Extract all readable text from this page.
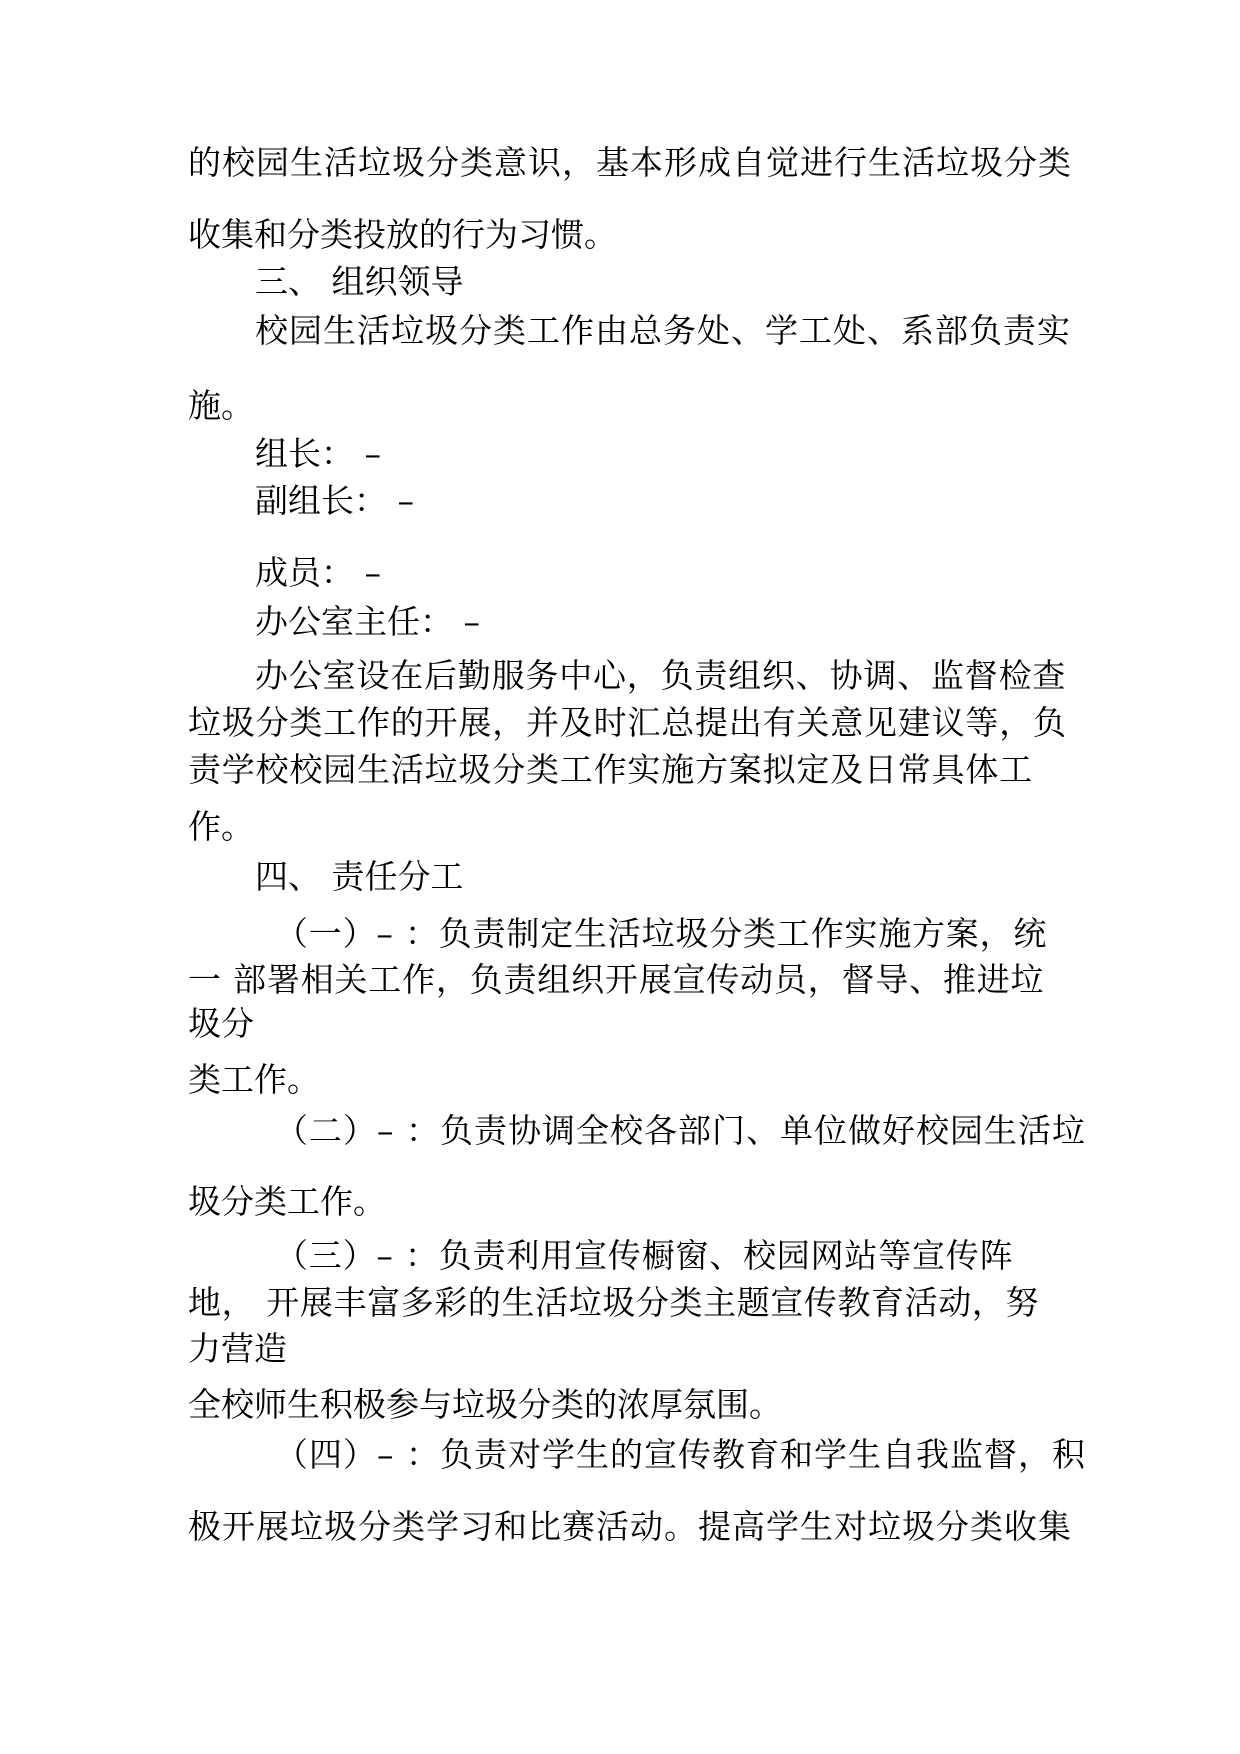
的校园生活垃圾分类意识，基本形成自觉进行生活垃圾分类
收集和分类投放的行为习惯。
三、 组织领导
校园生活垃圾分类工作由总务处、学工处、系部负责实
施。
组长： –
副组长： –
成员： –
办公室主任： –
办公室设在后勤服务中心，负责组织、协调、监督检查
垃圾分类工作的开展，并及时汇总提出有关意见建议等，负
责学校校园生活垃圾分类工作实施方案拟定及日常具体工
作。
四、 责任分工
（一）– ：负责制定生活垃圾分类工作实施方案，统
一 部署相关工作，负责组织开展宣传动员，督导、推进垃
圾分
类工作。
（二）– ：负责协调全校各部门、单位做好校园生活垃
圾分类工作。
（三）– ：负责利用宣传橱窗、校园网站等宣传阵
地， 开展丰富多彩的生活垃圾分类主题宣传教育活动，努
力营造
全校师生积极参与垃圾分类的浓厚氛围。
（四）– ：负责对学生的宣传教育和学生自我监督，积
极开展垃圾分类学习和比赛活动。提高学生对垃圾分类收集
